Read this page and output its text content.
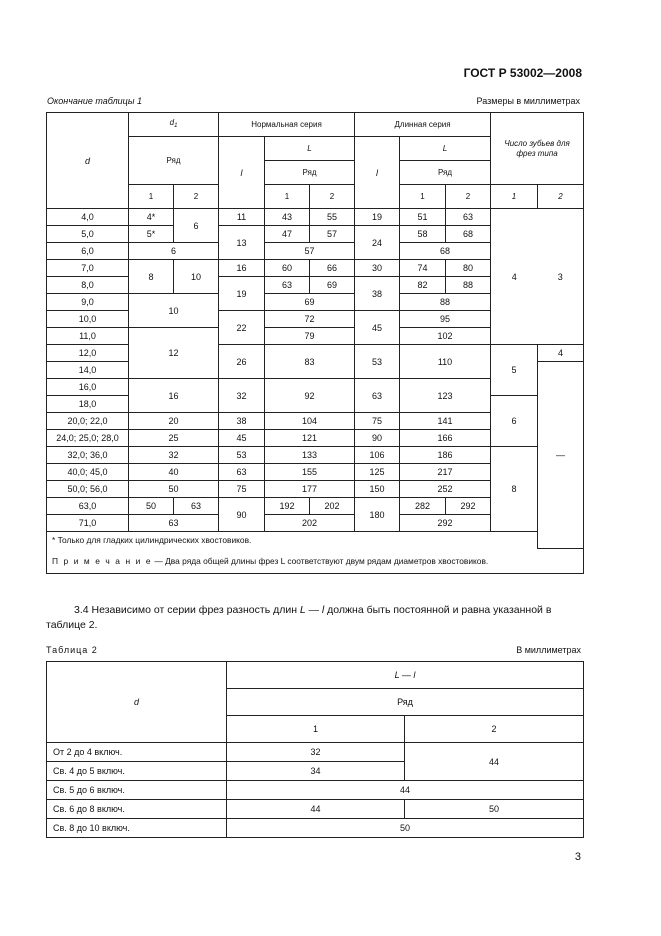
ГОСТ Р 53002—2008
Окончание таблицы 1	Размеры в миллиметрах
d	$d_1$		Нормальная серия			Длинная серия			Число зубьев для фрез типа	
	Ряд		l	L		l	L			
				Ряд			Ряд			
	1	2		1	2		1	2	1	2
4,0	4*	6	11	43	55	19	51	63	4	3
5,0	5*		13	47	57	24	58	68		
6,0	6			57			68			
7,0	8	10	16	60	66	30	74	80		
8,0			19	63	69	38	82	88		
9,0	10			69			88			
10,0			22	72		45	95			
11,0	12			79			102			
12,0			26	83		53	110		5	4
14,0										—
16,0	16		32	92		63	123			
18,0									6	
20,0; 22,0	20		38	104		75	141			
24,0; 25,0; 28,0	25		45	121		90	166			
32,0; 36,0	32		53	133		106	186		8	
40,0; 45,0	40		63	155		125	217			
50,0; 56,0	50		75	177		150	252			
63,0	50	63	90	192	202	180	282	292		
71,0	63			202			292			
* Только для гладких цилиндрических хвостовиков.										
П р и м е ч а н и е — Два ряда общей длины фрез L соответствуют двум рядам диаметров хвостовиков.										
3.4 Независимо от серии фрез разность длин L — l должна быть постоянной и равна указанной в таблице 2.
Таблица 2	В миллиметрах
d	L — l	
	Ряд	
	1	2
От 2 до 4 включ.	32	44
Св. 4 до 5 включ.	34	
Св. 5 до 6 включ.	44	
Св. 6 до 8 включ.	44	50
Св. 8 до 10 включ.	50	
3
